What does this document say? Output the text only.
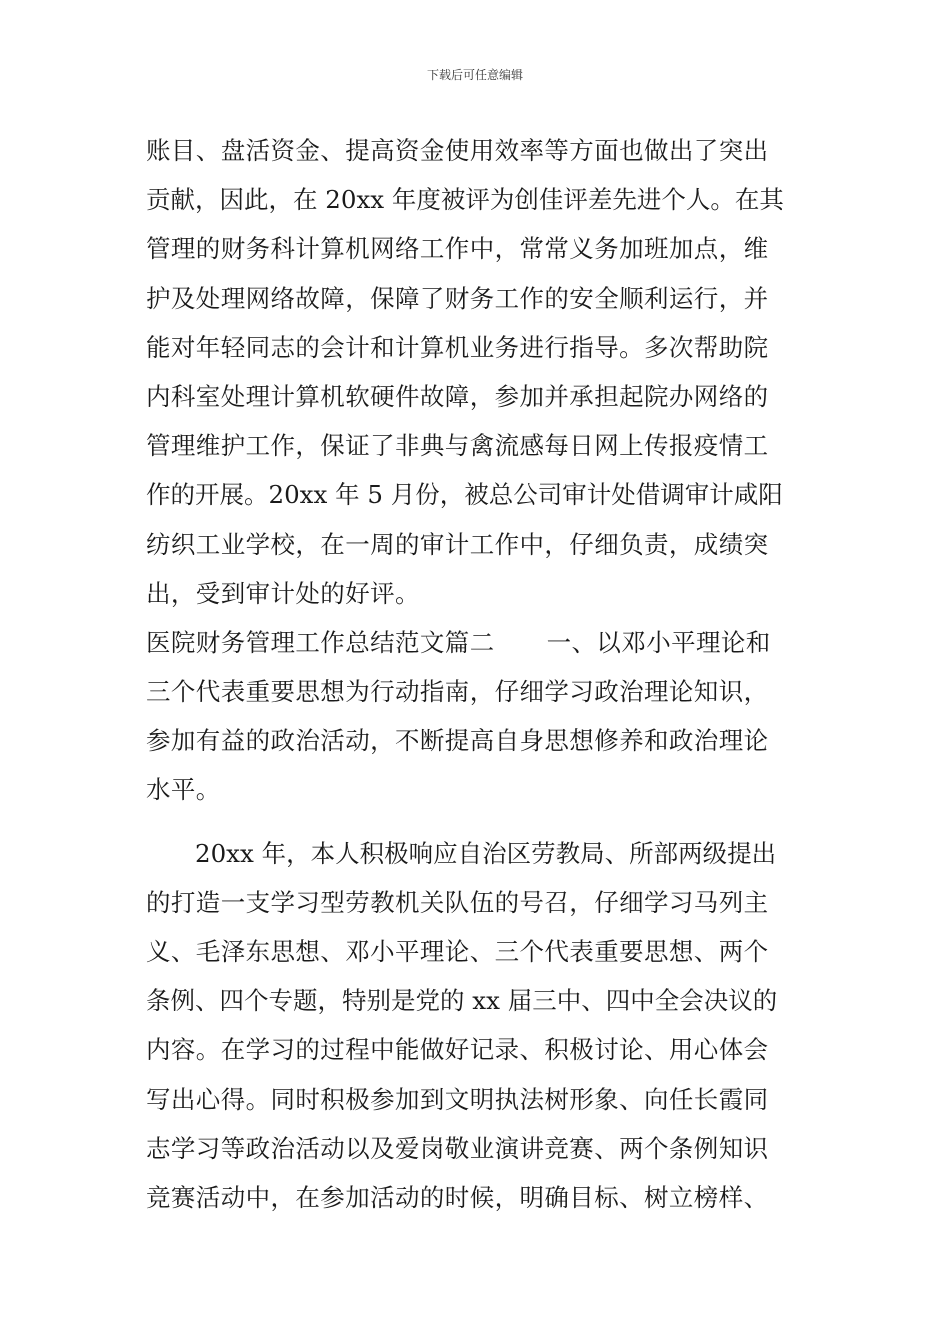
下载后可任意编辑
账目、盘活资金、提高资金使用效率等方面也做出了突出
贡献，因此，在 20xx 年度被评为创佳评差先进个人。在其
管理的财务科计算机网络工作中，常常义务加班加点，维
护及处理网络故障，保障了财务工作的安全顺利运行，并
能对年轻同志的会计和计算机业务进行指导。多次帮助院
内科室处理计算机软硬件故障，参加并承担起院办网络的
管理维护工作，保证了非典与禽流感每日网上传报疫情工
作的开展。20xx 年 5 月份，被总公司审计处借调审计咸阳
纺织工业学校，在一周的审计工作中，仔细负责，成绩突
出，受到审计处的好评。
医院财务管理工作总结范文篇二 一、以邓小平理论和
三个代表重要思想为行动指南，仔细学习政治理论知识，
参加有益的政治活动，不断提高自身思想修养和政治理论
水平。
20xx 年，本人积极响应自治区劳教局、所部两级提出
的打造一支学习型劳教机关队伍的号召，仔细学习马列主
义、毛泽东思想、邓小平理论、三个代表重要思想、两个
条例、四个专题，特别是党的 xx 届三中、四中全会决议的
内容。在学习的过程中能做好记录、积极讨论、用心体会
写出心得。同时积极参加到文明执法树形象、向任长霞同
志学习等政治活动以及爱岗敬业演讲竞赛、两个条例知识
竞赛活动中，在参加活动的时候，明确目标、树立榜样、
